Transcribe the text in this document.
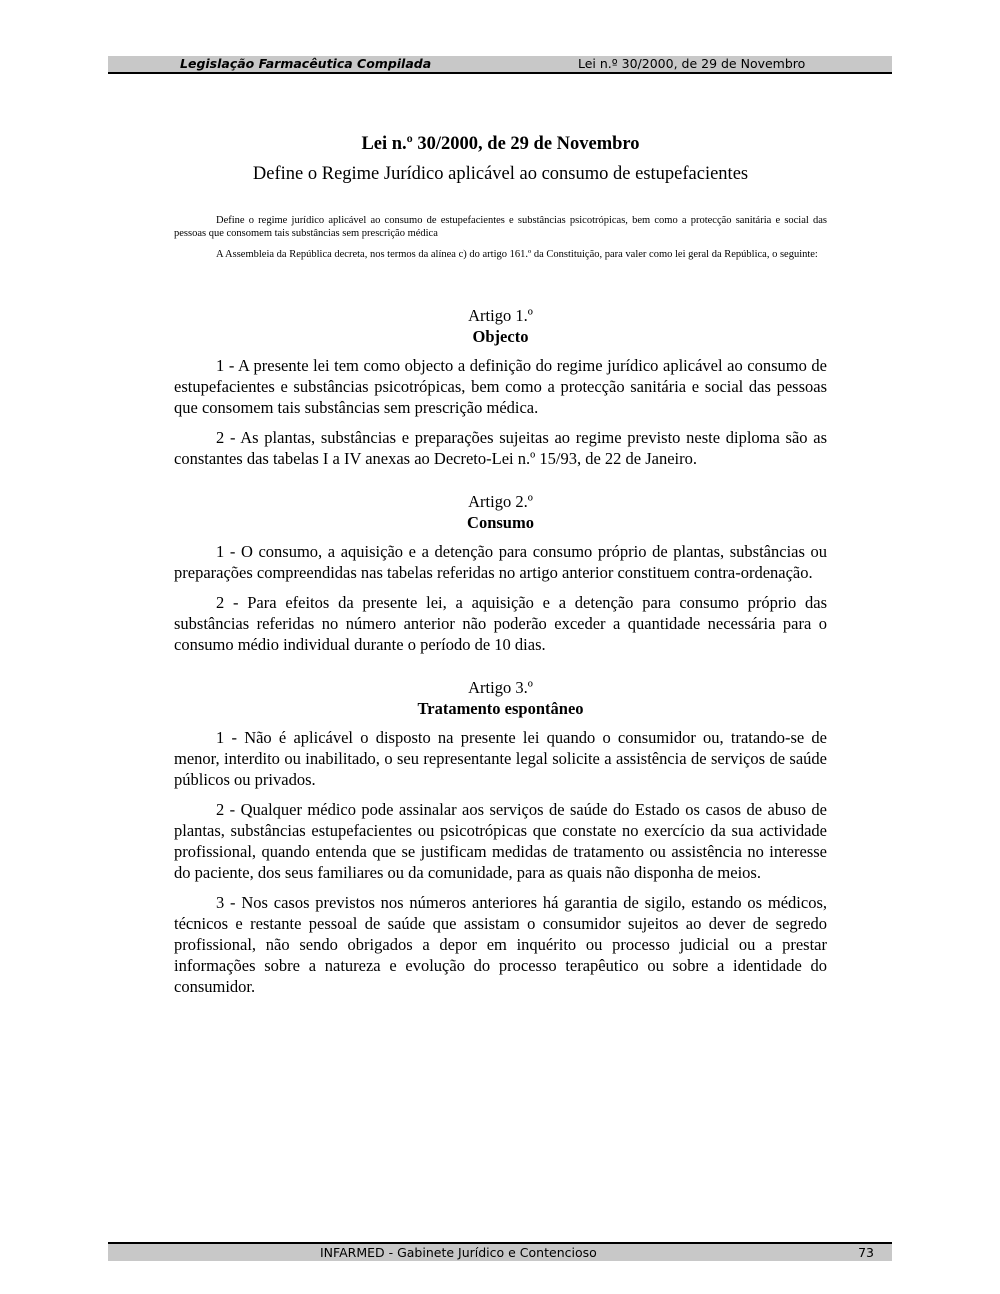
Legislação Farmacêutica Compilada	Lei n.º 30/2000, de 29 de Novembro

Lei n.º 30/2000, de 29 de Novembro

Define o Regime Jurídico aplicável ao consumo de estupefacientes

Define o regime jurídico aplicável ao consumo de estupefacientes e substâncias psicotrópicas, bem como a protecção sanitária e social das pessoas que consomem tais substâncias sem prescrição médica

A Assembleia da República decreta, nos termos da alínea c) do artigo 161.º da Constituição, para valer como lei geral da República, o seguinte:

Artigo 1.º

Objecto

1 - A presente lei tem como objecto a definição do regime jurídico aplicável ao consumo de estupefacientes e substâncias psicotrópicas, bem como a protecção sanitária e social das pessoas que consomem tais substâncias sem prescrição médica.

2 - As plantas, substâncias e preparações sujeitas ao regime previsto neste diploma são as constantes das tabelas I a IV anexas ao Decreto-Lei n.º 15/93, de 22 de Janeiro.

Artigo 2.º

Consumo

1 - O consumo, a aquisição e a detenção para consumo próprio de plantas, substâncias ou preparações compreendidas nas tabelas referidas no artigo anterior constituem contra-ordenação.

2 - Para efeitos da presente lei, a aquisição e a detenção para consumo próprio das substâncias referidas no número anterior não poderão exceder a quantidade necessária para o consumo médio individual durante o período de 10 dias.

Artigo 3.º

Tratamento espontâneo

1 - Não é aplicável o disposto na presente lei quando o consumidor ou, tratando-se de menor, interdito ou inabilitado, o seu representante legal solicite a assistência de serviços de saúde públicos ou privados.

2 - Qualquer médico pode assinalar aos serviços de saúde do Estado os casos de abuso de plantas, substâncias estupefacientes ou psicotrópicas que constate no exercício da sua actividade profissional, quando entenda que se justificam medidas de tratamento ou assistência no interesse do paciente, dos seus familiares ou da comunidade, para as quais não disponha de meios.

3 - Nos casos previstos nos números anteriores há garantia de sigilo, estando os médicos, técnicos e restante pessoal de saúde que assistam o consumidor sujeitos ao dever de segredo profissional, não sendo obrigados a depor em inquérito ou processo judicial ou a prestar informações sobre a natureza e evolução do processo terapêutico ou sobre a identidade do consumidor.

INFARMED - Gabinete Jurídico e Contencioso	73
